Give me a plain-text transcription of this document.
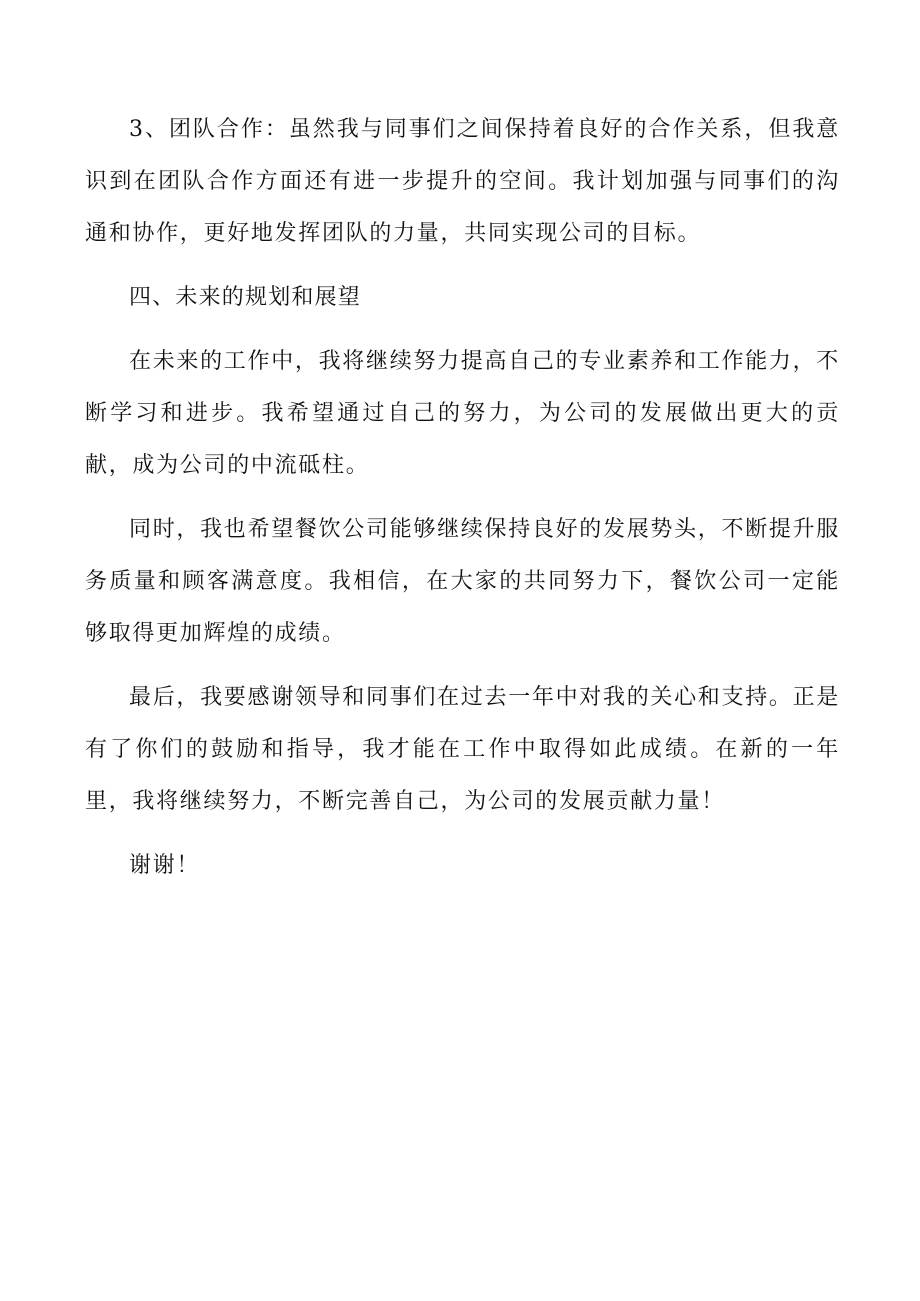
3、团队合作：虽然我与同事们之间保持着良好的合作关系，但我意识到在团队合作方面还有进一步提升的空间。我计划加强与同事们的沟通和协作，更好地发挥团队的力量，共同实现公司的目标。

四、未来的规划和展望

在未来的工作中，我将继续努力提高自己的专业素养和工作能力，不断学习和进步。我希望通过自己的努力，为公司的发展做出更大的贡献，成为公司的中流砥柱。

同时，我也希望餐饮公司能够继续保持良好的发展势头，不断提升服务质量和顾客满意度。我相信，在大家的共同努力下，餐饮公司一定能够取得更加辉煌的成绩。

最后，我要感谢领导和同事们在过去一年中对我的关心和支持。正是有了你们的鼓励和指导，我才能在工作中取得如此成绩。在新的一年里，我将继续努力，不断完善自己，为公司的发展贡献力量！

谢谢！
